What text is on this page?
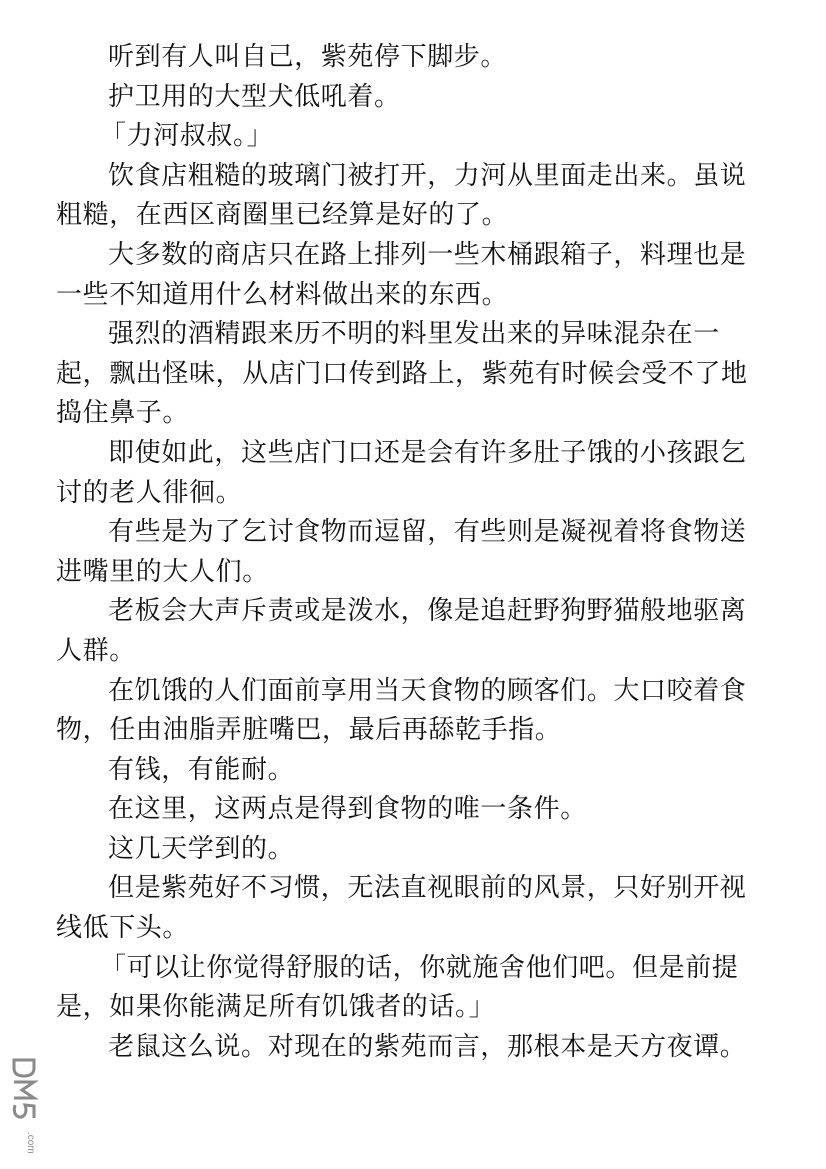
听到有人叫自己，紫苑停下脚步。

护卫用的大型犬低吼着。

「力河叔叔。」

饮食店粗糙的玻璃门被打开，力河从里面走出来。虽说粗糙，在西区商圈里已经算是好的了。

大多数的商店只在路上排列一些木桶跟箱子，料理也是一些不知道用什么材料做出来的东西。

强烈的酒精跟来历不明的料里发出来的异味混杂在一起，飘出怪味，从店门口传到路上，紫苑有时候会受不了地捣住鼻子。

即使如此，这些店门口还是会有许多肚子饿的小孩跟乞讨的老人徘徊。

有些是为了乞讨食物而逗留，有些则是凝视着将食物送进嘴里的大人们。

老板会大声斥责或是泼水，像是追赶野狗野猫般地驱离人群。

在饥饿的人们面前享用当天食物的顾客们。大口咬着食物，任由油脂弄脏嘴巴，最后再舔乾手指。

有钱，有能耐。

在这里，这两点是得到食物的唯一条件。

这几天学到的。

但是紫苑好不习惯，无法直视眼前的风景，只好别开视线低下头。

「可以让你觉得舒服的话，你就施舍他们吧。但是前提是，如果你能满足所有饥饿者的话。」

老鼠这么说。对现在的紫苑而言，那根本是天方夜谭。

.com
